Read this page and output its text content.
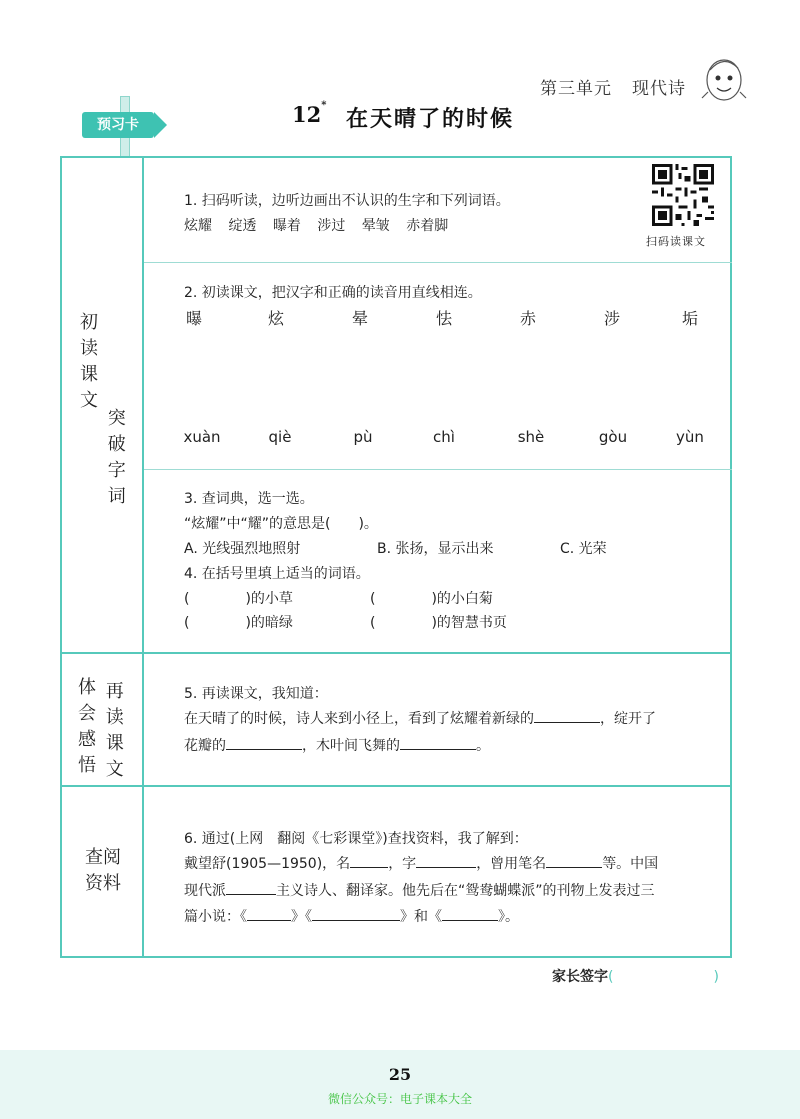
第三单元 现代诗
预习卡	12*
在天晴了的时候
初读课文 突破字词
体会感悟 再读课文
查阅
资料
1. 扫码听读，边听边画出不认识的生字和下列词语。
炫耀 绽透 曝着 涉过 晕皱 赤着脚
扫码读课文
2. 初读课文，把汉字和正确的读音用直线相连。
曝	炫	晕	怯	赤	涉	垢
xuàn	qiè	pù	chì	shè	gòu	yùn
3. 查词典，选一选。
“炫耀”中“耀”的意思是(　　)。
A. 光线强烈地照射	B. 张扬，显示出来	C. 光荣
4. 在括号里填上适当的词语。
(　　　　)的小草	(　　　　)的小白菊
(　　　　)的暗绿	(　　　　)的智慧书页
5. 再读课文，我知道：
在天晴了的时候，诗人来到小径上，看到了炫耀着新绿的	，绽开了
花瓣的	，木叶间飞舞的	。
6. 通过(上网　翻阅《七彩课堂》)查找资料，我了解到：
戴望舒(1905—1950)，名	，字	，曾用笔名	等。中国
现代派	主义诗人、翻译家。他先后在“鸳鸯蝴蝶派”的刊物上发表过三
篇小说：《	》《	》和《	》。
家长签字(	)
25
微信公众号：电子课本大全
